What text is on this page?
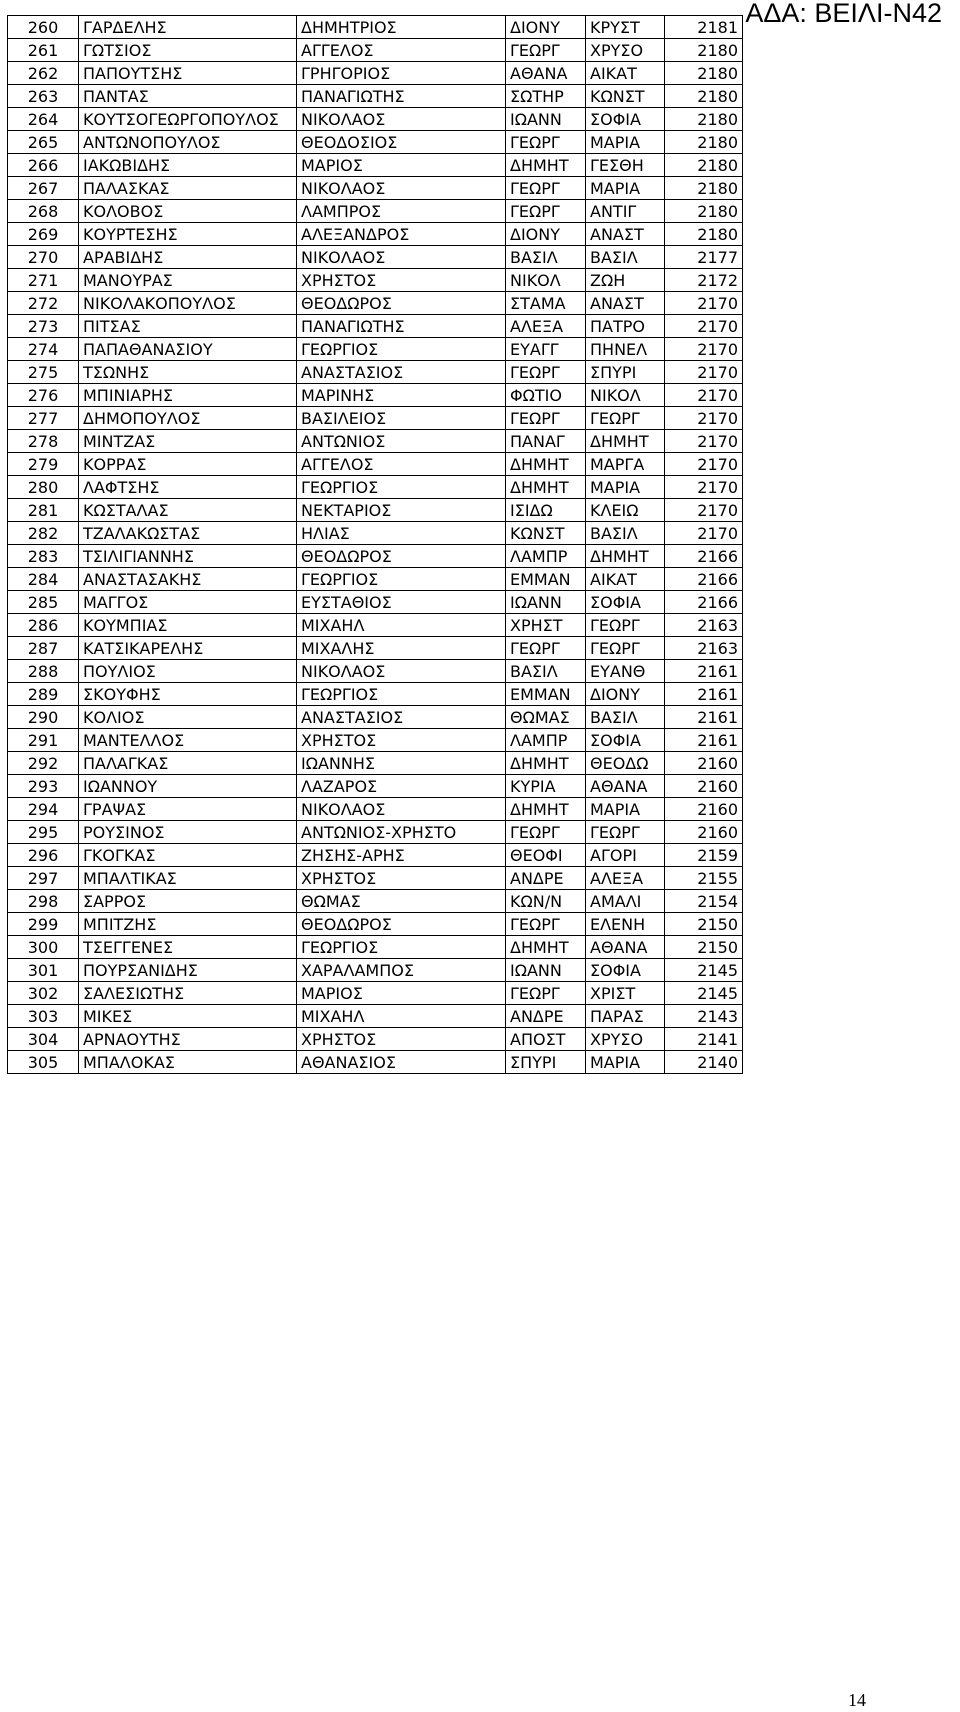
ΑΔΑ: ΒΕΙΛΙ-Ν42
260	ΓΑΡΔΕΛΗΣ	ΔΗΜΗΤΡΙΟΣ	ΔΙΟΝΥ	ΚΡΥΣΤ	2181
261	ΓΩΤΣΙΟΣ	ΑΓΓΕΛΟΣ	ΓΕΩΡΓ	ΧΡΥΣΟ	2180
262	ΠΑΠΟΥΤΣΗΣ	ΓΡΗΓΟΡΙΟΣ	ΑΘΑΝΑ	ΑΙΚΑΤ	2180
263	ΠΑΝΤΑΣ	ΠΑΝΑΓΙΩΤΗΣ	ΣΩΤΗΡ	ΚΩΝΣΤ	2180
264	ΚΟΥΤΣΟΓΕΩΡΓΟΠΟΥΛΟΣ	ΝΙΚΟΛΑΟΣ	ΙΩΑΝΝ	ΣΟΦΙΑ	2180
265	ΑΝΤΩΝΟΠΟΥΛΟΣ	ΘΕΟΔΟΣΙΟΣ	ΓΕΩΡΓ	ΜΑΡΙΑ	2180
266	ΙΑΚΩΒΙΔΗΣ	ΜΑΡΙΟΣ	ΔΗΜΗΤ	ΓΕΣΘΗ	2180
267	ΠΑΛΑΣΚΑΣ	ΝΙΚΟΛΑΟΣ	ΓΕΩΡΓ	ΜΑΡΙΑ	2180
268	ΚΟΛΟΒΟΣ	ΛΑΜΠΡΟΣ	ΓΕΩΡΓ	ΑΝΤΙΓ	2180
269	ΚΟΥΡΤΕΣΗΣ	ΑΛΕΞΑΝΔΡΟΣ	ΔΙΟΝΥ	ΑΝΑΣΤ	2180
270	ΑΡΑΒΙΔΗΣ	ΝΙΚΟΛΑΟΣ	ΒΑΣΙΛ	ΒΑΣΙΛ	2177
271	ΜΑΝΟΥΡΑΣ	ΧΡΗΣΤΟΣ	ΝΙΚΟΛ	ΖΩΗ	2172
272	ΝΙΚΟΛΑΚΟΠΟΥΛΟΣ	ΘΕΟΔΩΡΟΣ	ΣΤΑΜΑ	ΑΝΑΣΤ	2170
273	ΠΙΤΣΑΣ	ΠΑΝΑΓΙΩΤΗΣ	ΑΛΕΞΑ	ΠΑΤΡΟ	2170
274	ΠΑΠΑΘΑΝΑΣΙΟΥ	ΓΕΩΡΓΙΟΣ	ΕΥΑΓΓ	ΠΗΝΕΛ	2170
275	ΤΣΩΝΗΣ	ΑΝΑΣΤΑΣΙΟΣ	ΓΕΩΡΓ	ΣΠΥΡΙ	2170
276	ΜΠΙΝΙΑΡΗΣ	ΜΑΡΙΝΗΣ	ΦΩΤΙΟ	ΝΙΚΟΛ	2170
277	ΔΗΜΟΠΟΥΛΟΣ	ΒΑΣΙΛΕΙΟΣ	ΓΕΩΡΓ	ΓΕΩΡΓ	2170
278	ΜΙΝΤΖΑΣ	ΑΝΤΩΝΙΟΣ	ΠΑΝΑΓ	ΔΗΜΗΤ	2170
279	ΚΟΡΡΑΣ	ΑΓΓΕΛΟΣ	ΔΗΜΗΤ	ΜΑΡΓΑ	2170
280	ΛΑΦΤΣΗΣ	ΓΕΩΡΓΙΟΣ	ΔΗΜΗΤ	ΜΑΡΙΑ	2170
281	ΚΩΣΤΑΛΑΣ	ΝΕΚΤΑΡΙΟΣ	ΙΣΙΔΩ	ΚΛΕΙΩ	2170
282	ΤΖΑΛΑΚΩΣΤΑΣ	ΗΛΙΑΣ	ΚΩΝΣΤ	ΒΑΣΙΛ	2170
283	ΤΣΙΛΙΓΙΑΝΝΗΣ	ΘΕΟΔΩΡΟΣ	ΛΑΜΠΡ	ΔΗΜΗΤ	2166
284	ΑΝΑΣΤΑΣΑΚΗΣ	ΓΕΩΡΓΙΟΣ	ΕΜΜΑΝ	ΑΙΚΑΤ	2166
285	ΜΑΓΓΟΣ	ΕΥΣΤΑΘΙΟΣ	ΙΩΑΝΝ	ΣΟΦΙΑ	2166
286	ΚΟΥΜΠΙΑΣ	ΜΙΧΑΗΛ	ΧΡΗΣΤ	ΓΕΩΡΓ	2163
287	ΚΑΤΣΙΚΑΡΕΛΗΣ	ΜΙΧΑΛΗΣ	ΓΕΩΡΓ	ΓΕΩΡΓ	2163
288	ΠΟΥΛΙΟΣ	ΝΙΚΟΛΑΟΣ	ΒΑΣΙΛ	ΕΥΑΝΘ	2161
289	ΣΚΟΥΦΗΣ	ΓΕΩΡΓΙΟΣ	ΕΜΜΑΝ	ΔΙΟΝΥ	2161
290	ΚΟΛΙΟΣ	ΑΝΑΣΤΑΣΙΟΣ	ΘΩΜΑΣ	ΒΑΣΙΛ	2161
291	ΜΑΝΤΕΛΛΟΣ	ΧΡΗΣΤΟΣ	ΛΑΜΠΡ	ΣΟΦΙΑ	2161
292	ΠΑΛΑΓΚΑΣ	ΙΩΑΝΝΗΣ	ΔΗΜΗΤ	ΘΕΟΔΩ	2160
293	ΙΩΑΝΝΟΥ	ΛΑΖΑΡΟΣ	ΚΥΡΙΑ	ΑΘΑΝΑ	2160
294	ΓΡΑΨΑΣ	ΝΙΚΟΛΑΟΣ	ΔΗΜΗΤ	ΜΑΡΙΑ	2160
295	ΡΟΥΣΙΝΟΣ	ΑΝΤΩΝΙΟΣ-ΧΡΗΣΤΟ	ΓΕΩΡΓ	ΓΕΩΡΓ	2160
296	ΓΚΟΓΚΑΣ	ΖΗΣΗΣ-ΑΡΗΣ	ΘΕΟΦΙ	ΑΓΟΡΙ	2159
297	ΜΠΑΛΤΙΚΑΣ	ΧΡΗΣΤΟΣ	ΑΝΔΡΕ	ΑΛΕΞΑ	2155
298	ΣΑΡΡΟΣ	ΘΩΜΑΣ	ΚΩΝ/Ν	ΑΜΑΛΙ	2154
299	ΜΠΙΤΖΗΣ	ΘΕΟΔΩΡΟΣ	ΓΕΩΡΓ	ΕΛΕΝΗ	2150
300	ΤΣΕΓΓΕΝΕΣ	ΓΕΩΡΓΙΟΣ	ΔΗΜΗΤ	ΑΘΑΝΑ	2150
301	ΠΟΥΡΣΑΝΙΔΗΣ	ΧΑΡΑΛΑΜΠΟΣ	ΙΩΑΝΝ	ΣΟΦΙΑ	2145
302	ΣΑΛΕΣΙΩΤΗΣ	ΜΑΡΙΟΣ	ΓΕΩΡΓ	ΧΡΙΣΤ	2145
303	ΜΙΚΕΣ	ΜΙΧΑΗΛ	ΑΝΔΡΕ	ΠΑΡΑΣ	2143
304	ΑΡΝΑΟΥΤΗΣ	ΧΡΗΣΤΟΣ	ΑΠΟΣΤ	ΧΡΥΣΟ	2141
305	ΜΠΑΛΟΚΑΣ	ΑΘΑΝΑΣΙΟΣ	ΣΠΥΡΙ	ΜΑΡΙΑ	2140
14
